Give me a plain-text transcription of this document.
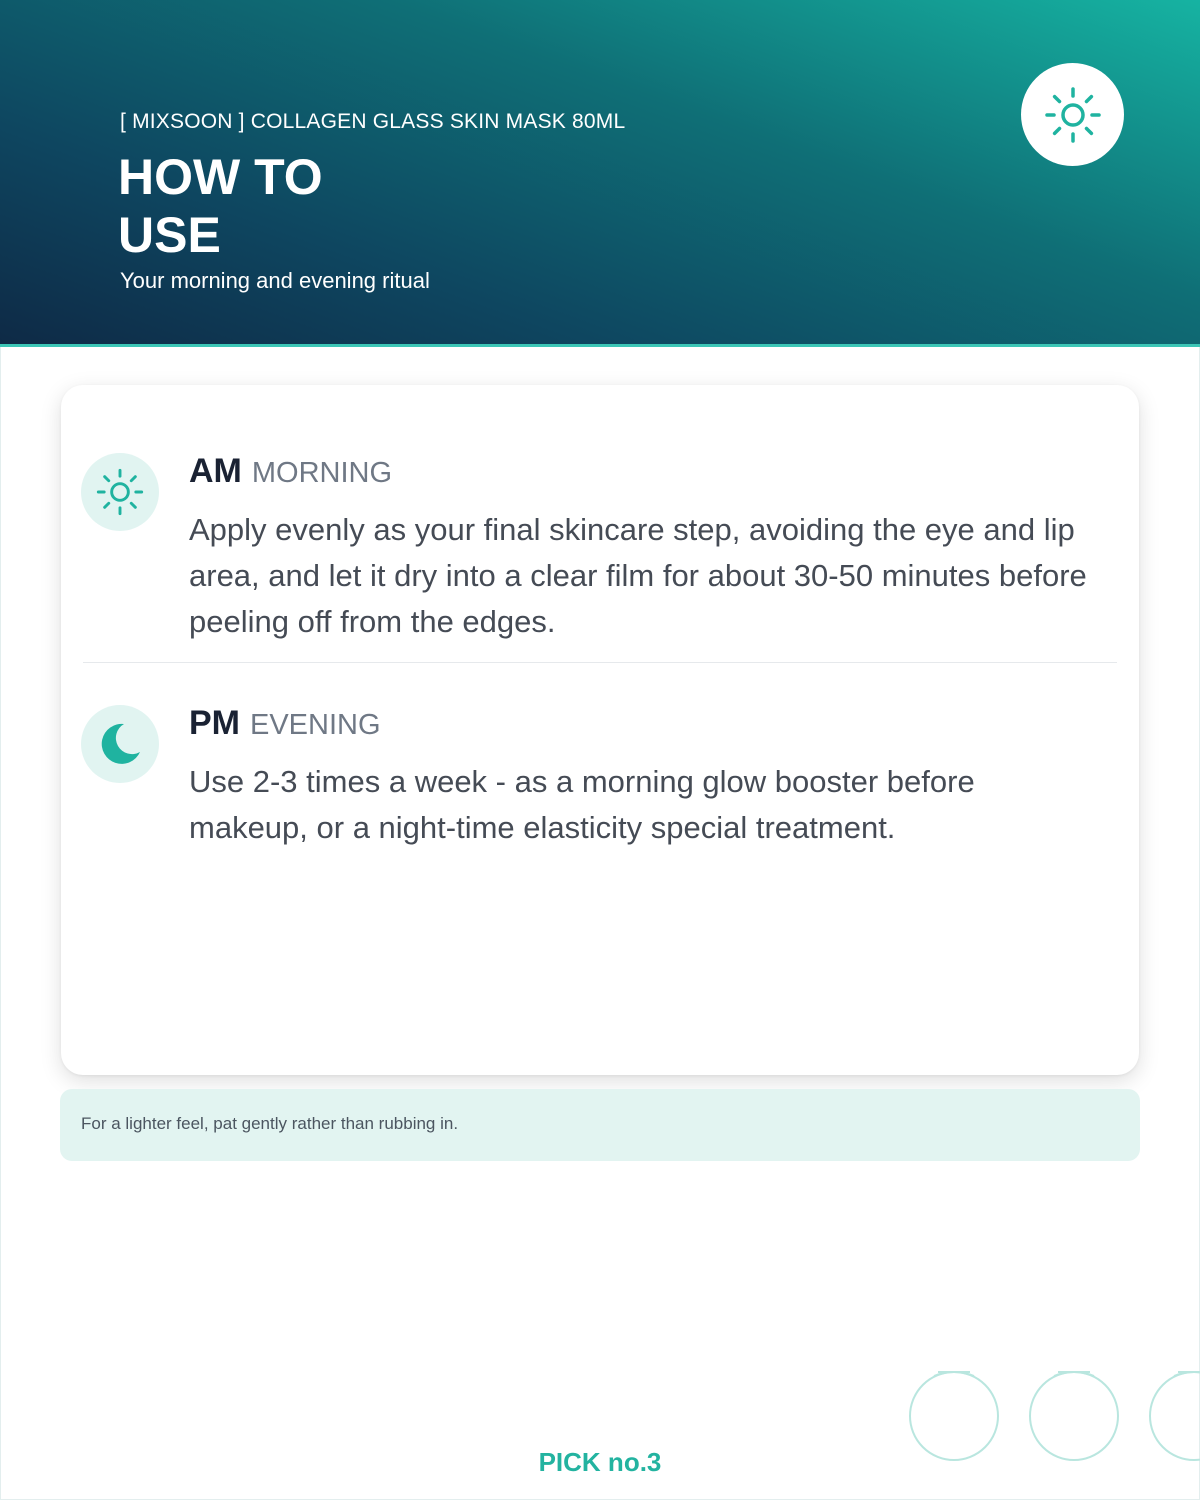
[ MIXSOON ] COLLAGEN GLASS SKIN MASK 80ML
HOW TO
USE
Your morning and evening ritual
AM MORNING

Apply evenly as your final skincare step, avoiding the eye and lip area, and let it dry into a clear film for about 30-50 minutes before peeling off from the edges.

PM EVENING

Use 2-3 times a week - as a morning glow booster before makeup, or a night-time elasticity special treatment.

For a lighter feel, pat gently rather than rubbing in.
PICK no.3
